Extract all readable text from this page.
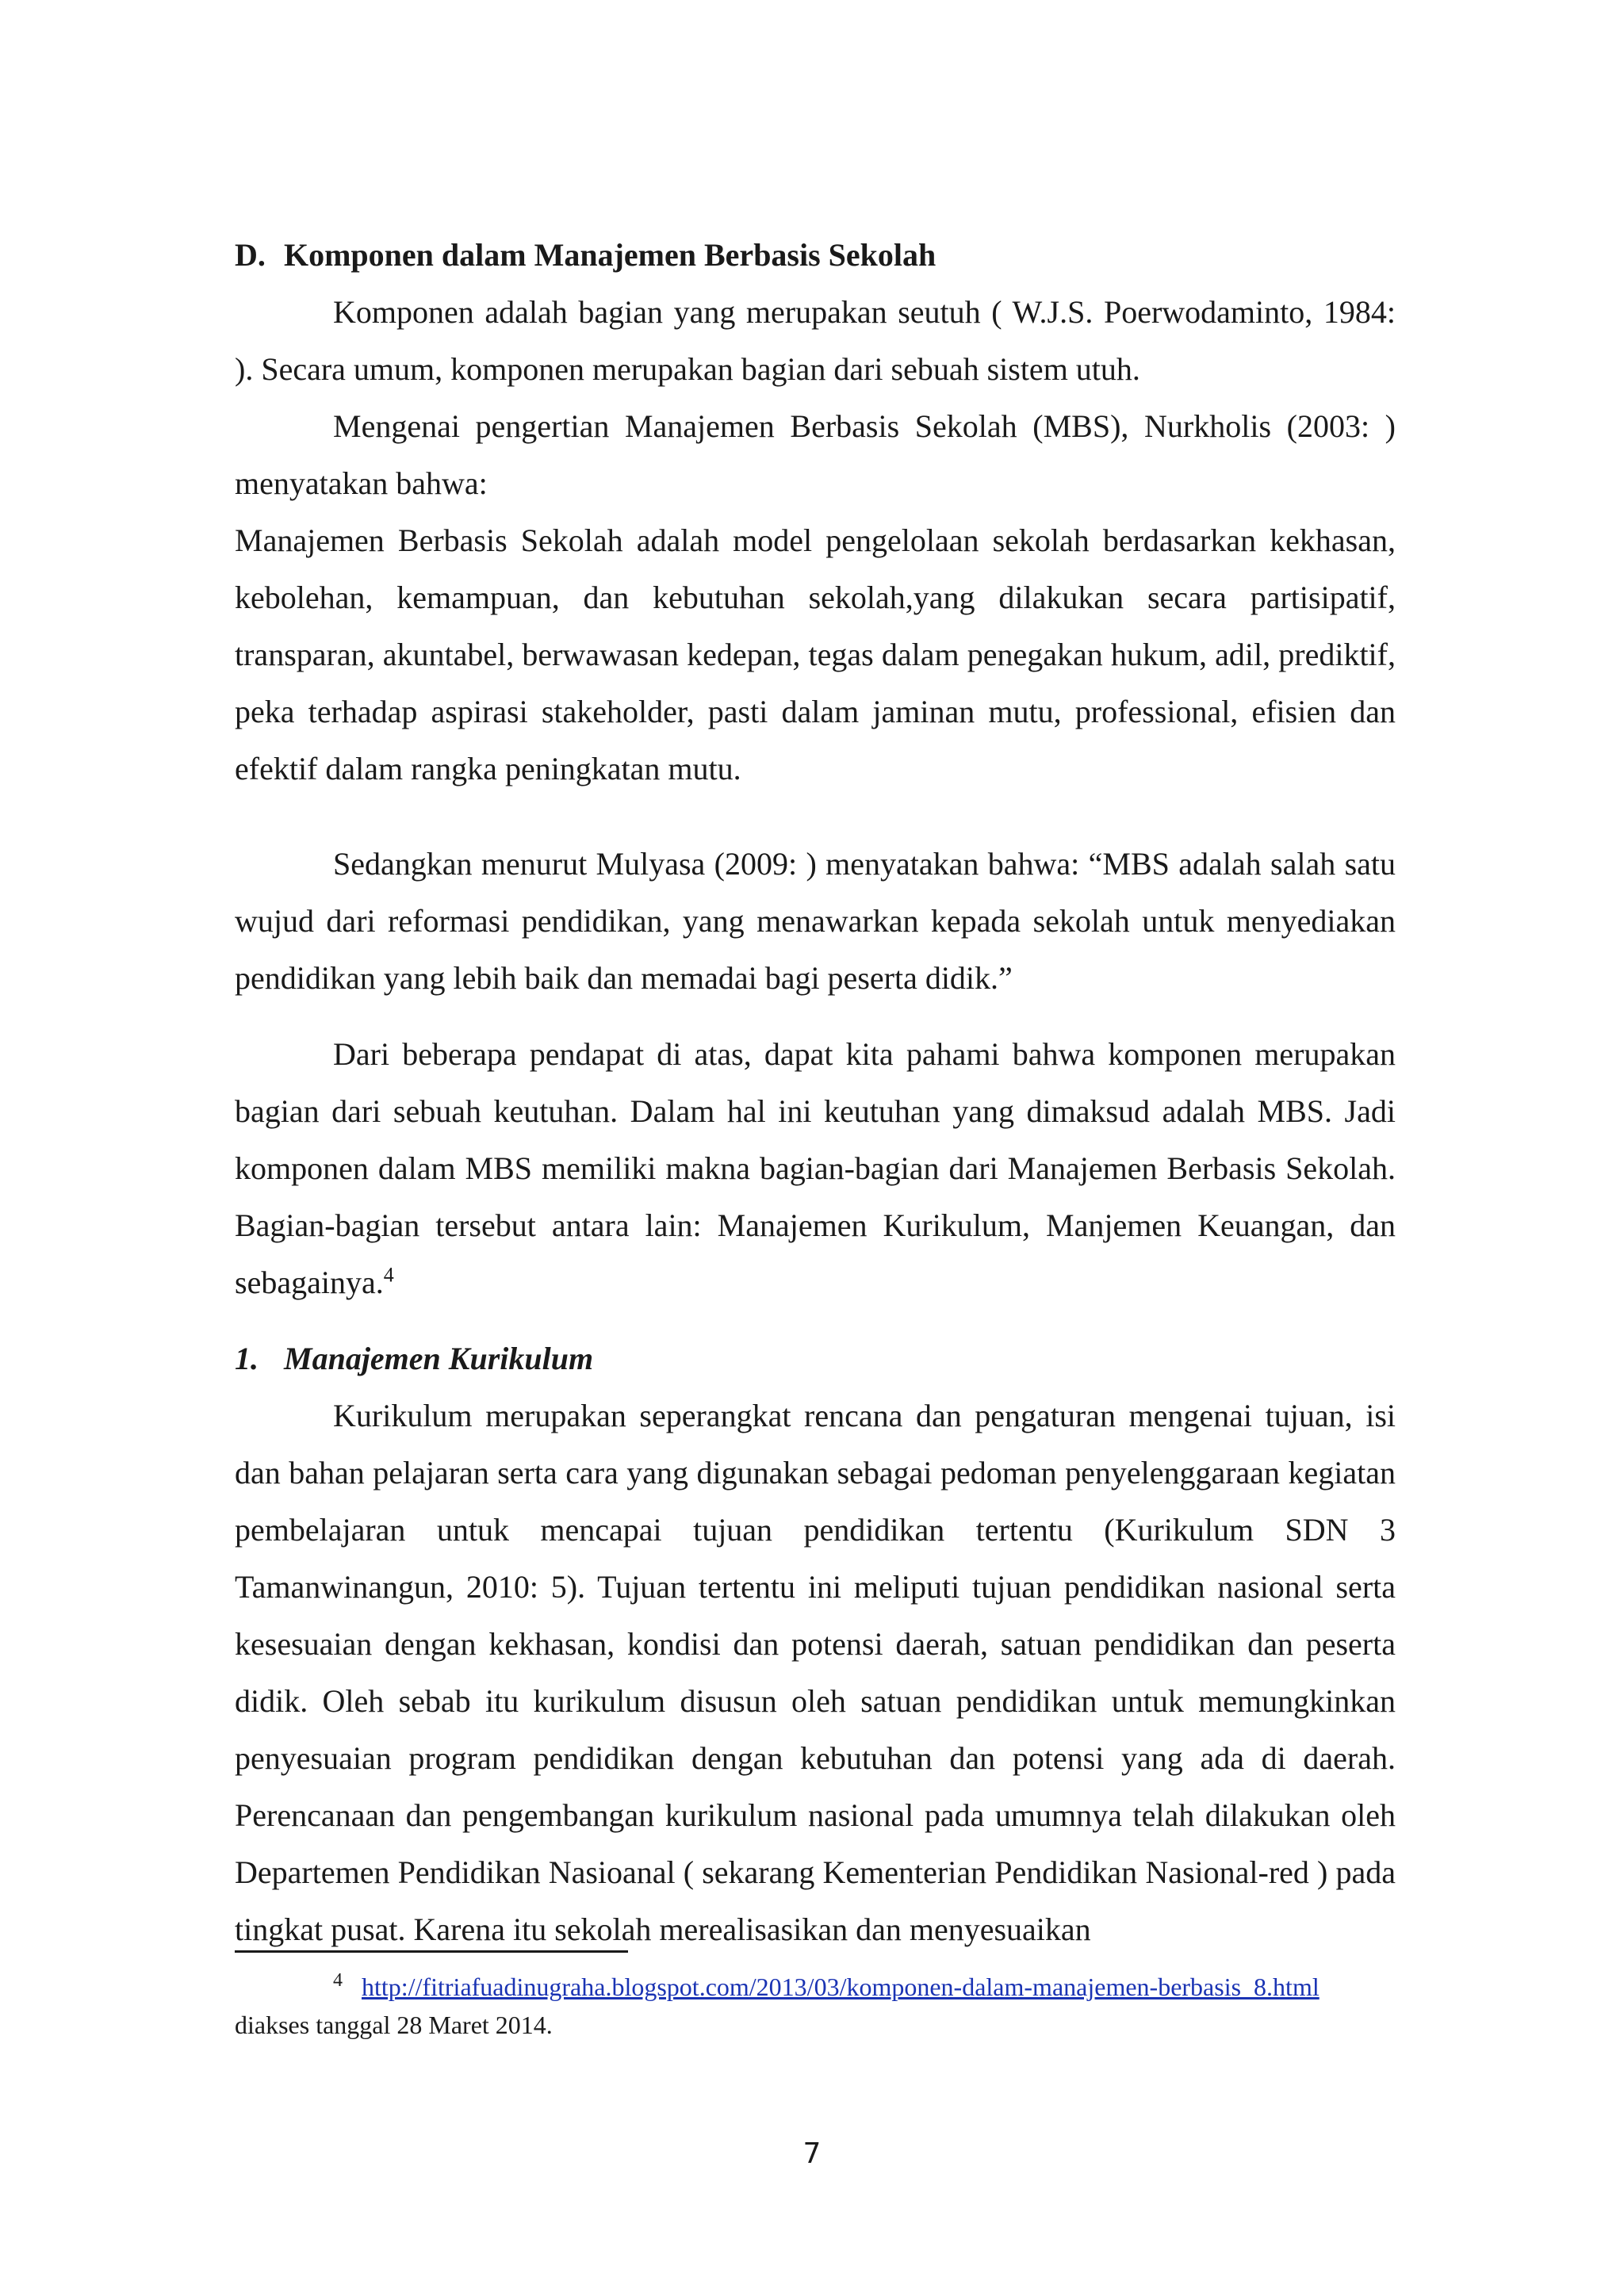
D. Komponen dalam Manajemen Berbasis Sekolah

Komponen adalah bagian yang merupakan seutuh ( W.J.S. Poerwodaminto, 1984: ). Secara umum, komponen merupakan bagian dari sebuah sistem utuh.

Mengenai pengertian Manajemen Berbasis Sekolah (MBS), Nurkholis (2003: ) menyatakan bahwa:

Manajemen Berbasis Sekolah adalah model pengelolaan sekolah berdasarkan kekhasan, kebolehan, kemampuan, dan kebutuhan sekolah,yang dilakukan secara partisipatif, transparan, akuntabel, berwawasan kedepan, tegas dalam penegakan hukum, adil, prediktif, peka terhadap aspirasi stakeholder, pasti dalam jaminan mutu, professional, efisien dan efektif dalam rangka peningkatan mutu.

Sedangkan menurut Mulyasa (2009: ) menyatakan bahwa: “MBS adalah salah satu wujud dari reformasi pendidikan, yang menawarkan kepada sekolah untuk menyediakan pendidikan yang lebih baik dan memadai bagi peserta didik.”

Dari beberapa pendapat di atas, dapat kita pahami bahwa komponen merupakan bagian dari sebuah keutuhan. Dalam hal ini keutuhan yang dimaksud adalah MBS. Jadi komponen dalam MBS memiliki makna bagian-bagian dari Manajemen Berbasis Sekolah. Bagian-bagian tersebut antara lain: Manajemen Kurikulum, Manjemen Keuangan, dan sebagainya.$^4$

1. Manajemen Kurikulum

Kurikulum merupakan seperangkat rencana dan pengaturan mengenai tujuan, isi dan bahan pelajaran serta cara yang digunakan sebagai pedoman penyelenggaraan kegiatan pembelajaran untuk mencapai tujuan pendidikan tertentu (Kurikulum SDN 3 Tamanwinangun, 2010: 5). Tujuan tertentu ini meliputi tujuan pendidikan nasional serta kesesuaian dengan kekhasan, kondisi dan potensi daerah, satuan pendidikan dan peserta didik. Oleh sebab itu kurikulum disusun oleh satuan pendidikan untuk memungkinkan penyesuaian program pendidikan dengan kebutuhan dan potensi yang ada di daerah. Perencanaan dan pengembangan kurikulum nasional pada umumnya telah dilakukan oleh Departemen Pendidikan Nasioanal ( sekarang Kementerian Pendidikan Nasional-red ) pada tingkat pusat. Karena itu sekolah merealisasikan dan menyesuaikan

4 http://fitriafuadinugraha.blogspot.com/2013/03/komponen-dalam-manajemen-berbasis_8.html
diakses tanggal 28 Maret 2014.
7
